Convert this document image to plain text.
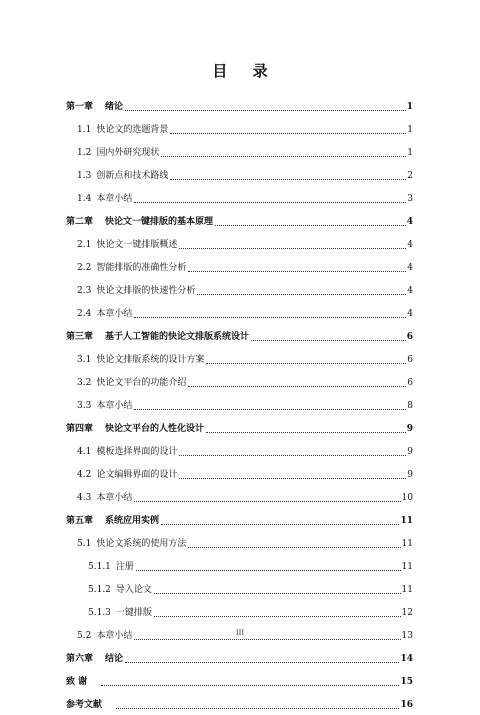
目 录
第一章 绪论	1
1.1 快论文的选题背景	1
1.2 国内外研究现状	1
1.3 创新点和技术路线	2
1.4 本章小结	3
第二章 快论文一键排版的基本原理	4
2.1 快论文一键排版概述	4
2.2 智能排版的准确性分析	4
2.3 快论文排版的快速性分析	4
2.4 本章小结	4
第三章 基于人工智能的快论文排版系统设计	6
3.1 快论文排版系统的设计方案	6
3.2 快论文平台的功能介绍	6
3.3 本章小结	8
第四章 快论文平台的人性化设计	9
4.1 模板选择界面的设计	9
4.2 论文编辑界面的设计	9
4.3 本章小结	10
第五章 系统应用实例	11
5.1 快论文系统的使用方法	11
5.1.1 注册	11
5.1.2 导入论文	11
5.1.3 一键排版	12
5.2 本章小结	13
第六章 结论	14
致 谢	15
参考文献	16
III
